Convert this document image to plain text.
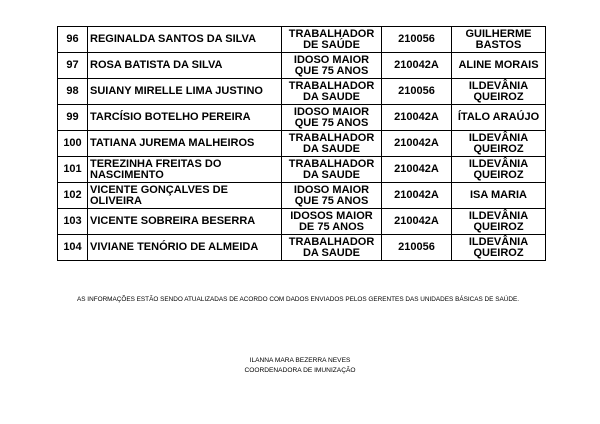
96	REGINALDA SANTOS DA SILVA	TRABALHADOR DE SAÚDE	210056	GUILHERME BASTOS
97	ROSA BATISTA DA SILVA	IDOSO MAIOR QUE 75 ANOS	210042A	ALINE MORAIS
98	SUIANY MIRELLE LIMA JUSTINO	TRABALHADOR DA SAUDE	210056	ILDEVÂNIA QUEIROZ
99	TARCÍSIO BOTELHO PEREIRA	IDOSO MAIOR QUE 75 ANOS	210042A	ÍTALO ARAÚJO
100	TATIANA JUREMA MALHEIROS	TRABALHADOR DA SAUDE	210042A	ILDEVÂNIA QUEIROZ
101	TEREZINHA FREITAS DO NASCIMENTO	TRABALHADOR DA SAUDE	210042A	ILDEVÂNIA QUEIROZ
102	VICENTE GONÇALVES DE OLIVEIRA	IDOSO MAIOR QUE 75 ANOS	210042A	ISA MARIA
103	VICENTE SOBREIRA BESERRA	IDOSOS MAIOR DE 75 ANOS	210042A	ILDEVÂNIA QUEIROZ
104	VIVIANE TENÓRIO DE ALMEIDA	TRABALHADOR DA SAUDE	210056	ILDEVÂNIA QUEIROZ
AS INFORMAÇÕES ESTÃO SENDO ATUALIZADAS DE ACORDO COM DADOS ENVIADOS PELOS GERENTES DAS UNIDADES BÁSICAS DE SAÚDE.
ILANNA MARA BEZERRA NEVES
COORDENADORA DE IMUNIZAÇÃO
